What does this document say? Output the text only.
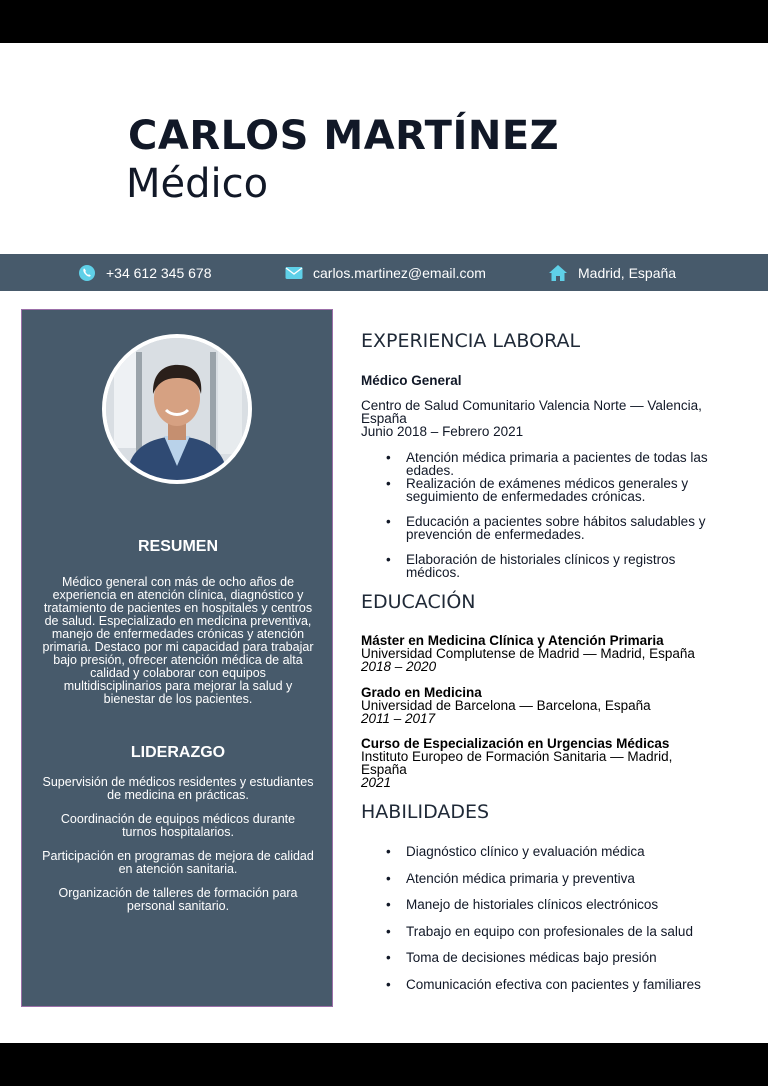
CARLOS MARTÍNEZ
Médico
+34 612 345 678	carlos.martinez@email.com	Madrid, España
RESUMEN
Médico general con más de ocho años de experiencia en atención clínica, diagnóstico y tratamiento de pacientes en hospitales y centros de salud. Especializado en medicina preventiva, manejo de enfermedades crónicas y atención primaria. Destaco por mi capacidad para trabajar bajo presión, ofrecer atención médica de alta calidad y colaborar con equipos multidisciplinarios para mejorar la salud y bienestar de los pacientes.
LIDERAZGO
Supervisión de médicos residentes y estudiantes de medicina en prácticas.
Coordinación de equipos médicos durante turnos hospitalarios.
Participación en programas de mejora de calidad en atención sanitaria.
Organización de talleres de formación para personal sanitario.
EXPERIENCIA LABORAL
Médico General
Centro de Salud Comunitario Valencia Norte — Valencia, España
Junio 2018 – Febrero 2021
• Atención médica primaria a pacientes de todas las edades.
• Realización de exámenes médicos generales y seguimiento de enfermedades crónicas.
• Educación a pacientes sobre hábitos saludables y prevención de enfermedades.
• Elaboración de historiales clínicos y registros médicos.
EDUCACIÓN
Máster en Medicina Clínica y Atención Primaria
Universidad Complutense de Madrid — Madrid, España
2018 – 2020
Grado en Medicina
Universidad de Barcelona — Barcelona, España
2011 – 2017
Curso de Especialización en Urgencias Médicas
Instituto Europeo de Formación Sanitaria — Madrid, España
2021
HABILIDADES
• Diagnóstico clínico y evaluación médica
• Atención médica primaria y preventiva
• Manejo de historiales clínicos electrónicos
• Trabajo en equipo con profesionales de la salud
• Toma de decisiones médicas bajo presión
• Comunicación efectiva con pacientes y familiares
